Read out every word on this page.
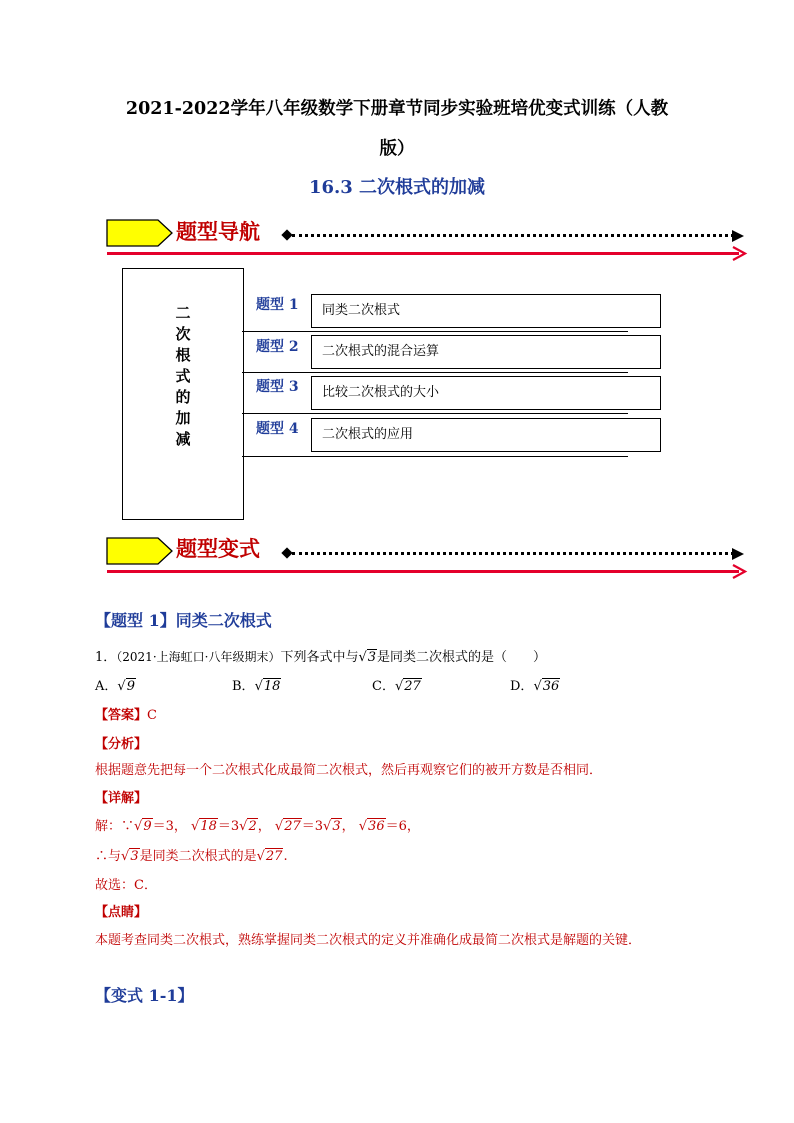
2021-2022学年八年级数学下册章节同步实验班培优变式训练（人教
版）
16.3 二次根式的加减
题型导航
二
次
根
式
的
加
减
题型 1	同类二次根式
题型 2	二次根式的混合运算
题型 3	比较二次根式的大小
题型 4	二次根式的应用
题型变式
【题型 1】同类二次根式
1．（2021·上海虹口·八年级期末）下列各式中与√3是同类二次根式的是（　　）
A．√9	B．√18	C．√27	D．√36
【答案】C
【分析】
根据题意先把每一个二次根式化成最简二次根式，然后再观察它们的被开方数是否相同．
【详解】
解：∵√9＝3， √18＝3√2， √27＝3√3， √36＝6，
∴与√3是同类二次根式的是√27.
故选：C．
【点睛】
本题考查同类二次根式，熟练掌握同类二次根式的定义并准确化成最简二次根式是解题的关键．
【变式 1-1】
